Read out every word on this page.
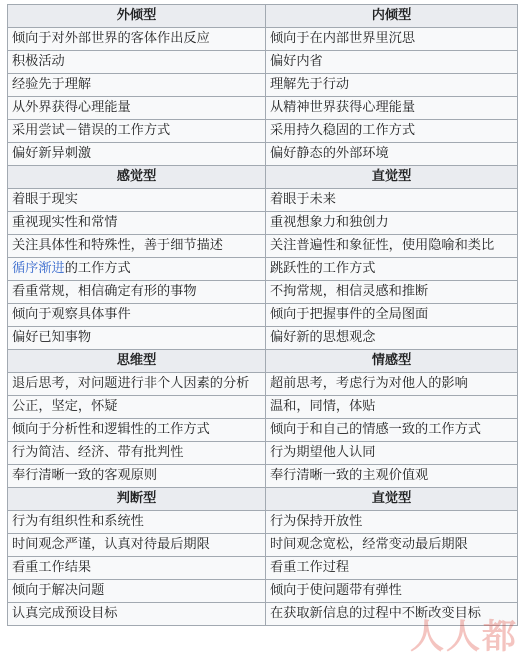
外倾型	内倾型
倾向于对外部世界的客体作出反应	倾向于在内部世界里沉思
积极活动	偏好内省
经验先于理解	理解先于行动
从外界获得心理能量	从精神世界获得心理能量
采用尝试－错误的工作方式	采用持久稳固的工作方式
偏好新异刺激	偏好静态的外部环境
感觉型	直觉型
着眼于现实	着眼于未来
重视现实性和常情	重视想象力和独创力
关注具体性和特殊性，善于细节描述	关注普遍性和象征性，使用隐喻和类比
循序渐进的工作方式	跳跃性的工作方式
看重常规，相信确定有形的事物	不拘常规，相信灵感和推断
倾向于观察具体事件	倾向于把握事件的全局图面
偏好已知事物	偏好新的思想观念
思维型	情感型
退后思考，对问题进行非个人因素的分析	超前思考，考虑行为对他人的影响
公正，坚定，怀疑	温和，同情，体贴
倾向于分析性和逻辑性的工作方式	倾向于和自己的情感一致的工作方式
行为简洁、经济、带有批判性	行为期望他人认同
奉行清晰一致的客观原则	奉行清晰一致的主观价值观
判断型	直觉型
行为有组织性和系统性	行为保持开放性
时间观念严谨，认真对待最后期限	时间观念宽松，经常变动最后期限
看重工作结果	看重工作过程
倾向于解决问题	倾向于使问题带有弹性
认真完成预设目标	在获取新信息的过程中不断改变目标
人人都
